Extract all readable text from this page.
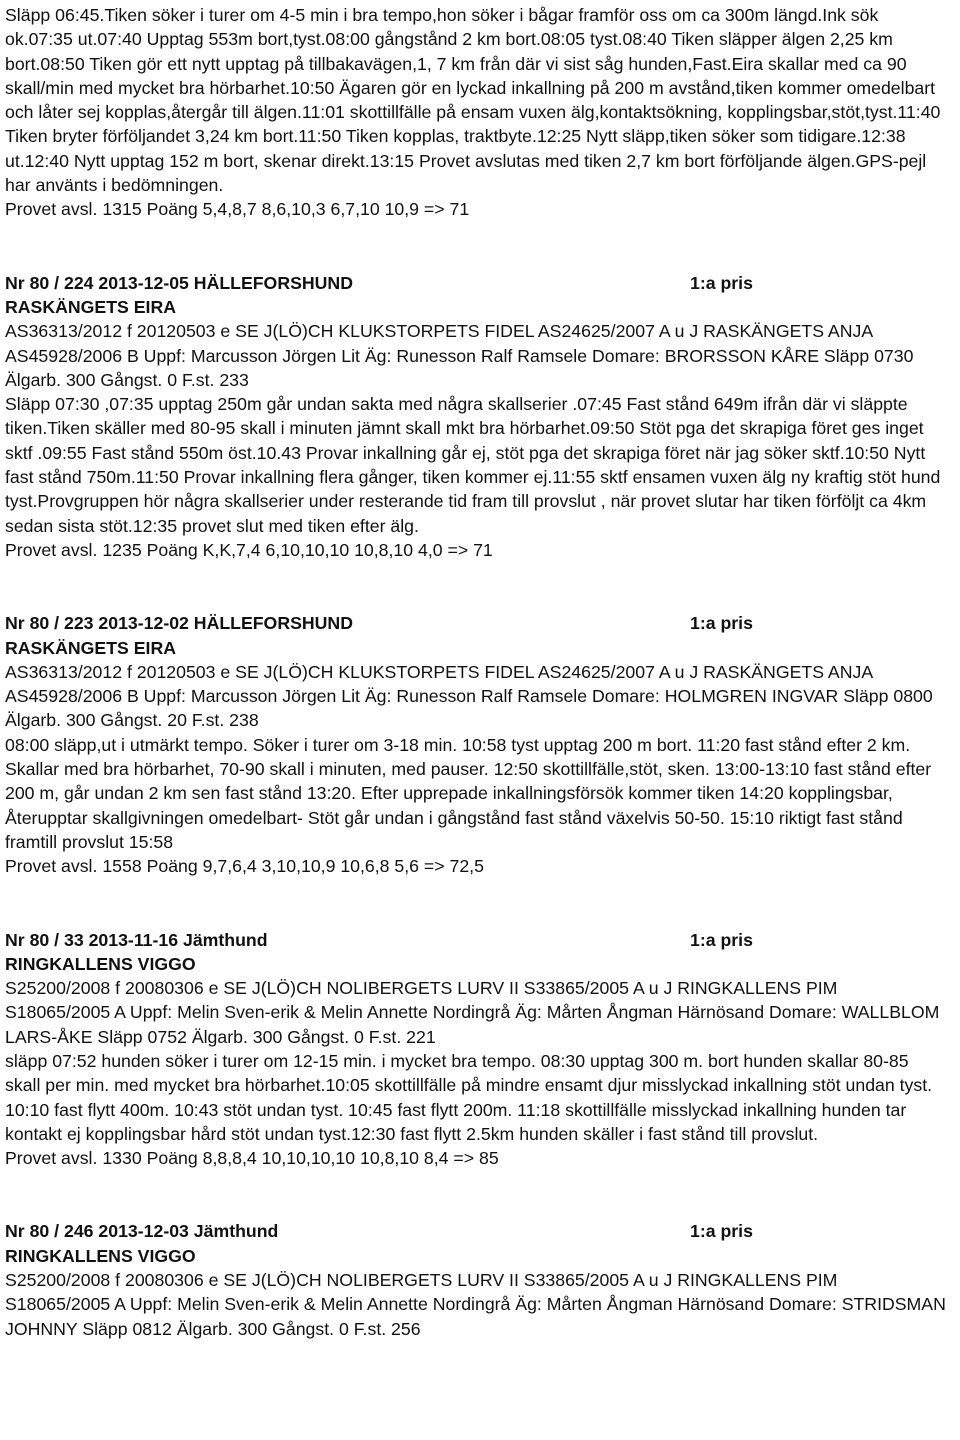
Släpp 06:45.Tiken söker i turer om 4-5 min i bra tempo,hon söker i bågar framför oss om ca 300m längd.Ink sök ok.07:35 ut.07:40 Upptag 553m bort,tyst.08:00 gångstånd 2 km bort.08:05 tyst.08:40 Tiken släpper älgen 2,25 km bort.08:50 Tiken gör ett nytt upptag på tillbakavägen,1, 7 km från där vi sist såg hunden,Fast.Eira skallar med ca 90 skall/min med mycket bra hörbarhet.10:50 Ägaren gör en lyckad inkallning på 200 m avstånd,tiken kommer omedelbart och låter sej kopplas,återgår till älgen.11:01 skottillfälle på ensam vuxen älg,kontaktsökning, kopplingsbar,stöt,tyst.11:40 Tiken bryter förföljandet 3,24 km bort.11:50 Tiken kopplas, traktbyte.12:25 Nytt släpp,tiken söker som tidigare.12:38 ut.12:40 Nytt upptag 152 m bort, skenar direkt.13:15 Provet avslutas med tiken 2,7 km bort förföljande älgen.GPS-pejl har använts i bedömningen.

Provet avsl. 1315 Poäng 5,4,8,7 8,6,10,3 6,7,10 10,9 => 71

Nr 80 / 224 2013-12-05 HÄLLEFORSHUND	1:a pris
RASKÄNGETS EIRA

AS36313/2012 f 20120503 e SE J(LÖ)CH KLUKSTORPETS FIDEL AS24625/2007 A u J RASKÄNGETS ANJA AS45928/2006 B Uppf: Marcusson Jörgen Lit Äg: Runesson Ralf Ramsele Domare: BRORSSON KÅRE Släpp 0730 Älgarb. 300 Gångst. 0 F.st. 233

Släpp 07:30 ,07:35 upptag 250m går undan sakta med några skallserier .07:45 Fast stånd 649m ifrån där vi släppte tiken.Tiken skäller med 80-95 skall i minuten jämnt skall mkt bra hörbarhet.09:50 Stöt pga det skrapiga föret ges inget sktf .09:55 Fast stånd 550m öst.10.43 Provar inkallning går ej, stöt pga det skrapiga föret när jag söker sktf.10:50 Nytt fast stånd 750m.11:50 Provar inkallning flera gånger, tiken kommer ej.11:55 sktf ensamen vuxen älg ny kraftig stöt hund tyst.Provgruppen hör några skallserier under resterande tid fram till provslut , när provet slutar har tiken förföljt ca 4km sedan sista stöt.12:35 provet slut med tiken efter älg.

Provet avsl. 1235 Poäng K,K,7,4 6,10,10,10 10,8,10 4,0 => 71

Nr 80 / 223 2013-12-02 HÄLLEFORSHUND	1:a pris
RASKÄNGETS EIRA

AS36313/2012 f 20120503 e SE J(LÖ)CH KLUKSTORPETS FIDEL AS24625/2007 A u J RASKÄNGETS ANJA AS45928/2006 B Uppf: Marcusson Jörgen Lit Äg: Runesson Ralf Ramsele Domare: HOLMGREN INGVAR Släpp 0800 Älgarb. 300 Gångst. 20 F.st. 238

08:00 släpp,ut i utmärkt tempo. Söker i turer om 3-18 min. 10:58 tyst upptag 200 m bort. 11:20 fast stånd efter 2 km. Skallar med bra hörbarhet, 70-90 skall i minuten, med pauser. 12:50 skottillfälle,stöt, sken. 13:00-13:10 fast stånd efter 200 m, går undan 2 km sen fast stånd 13:20. Efter upprepade inkallningsförsök kommer tiken 14:20 kopplingsbar, Återupptar skallgivningen omedelbart- Stöt går undan i gångstånd fast stånd växelvis 50-50. 15:10 riktigt fast stånd framtill provslut 15:58

Provet avsl. 1558 Poäng 9,7,6,4 3,10,10,9 10,6,8 5,6 => 72,5

Nr 80 / 33 2013-11-16 Jämthund	1:a pris
RINGKALLENS VIGGO

S25200/2008 f 20080306 e SE J(LÖ)CH NOLIBERGETS LURV II S33865/2005 A u J RINGKALLENS PIM S18065/2005 A Uppf: Melin Sven-erik & Melin Annette Nordingrå Äg: Mårten Ångman Härnösand Domare: WALLBLOM LARS-ÅKE Släpp 0752 Älgarb. 300 Gångst. 0 F.st. 221

släpp 07:52 hunden söker i turer om 12-15 min. i mycket bra tempo. 08:30 upptag 300 m. bort hunden skallar 80-85 skall per min. med mycket bra hörbarhet.10:05 skottillfälle på mindre ensamt djur misslyckad inkallning stöt undan tyst. 10:10 fast flytt 400m. 10:43 stöt undan tyst. 10:45 fast flytt 200m. 11:18 skottillfälle misslyckad inkallning hunden tar kontakt ej kopplingsbar hård stöt undan tyst.12:30 fast flytt 2.5km hunden skäller i fast stånd till provslut.

Provet avsl. 1330 Poäng 8,8,8,4 10,10,10,10 10,8,10 8,4 => 85

Nr 80 / 246 2013-12-03 Jämthund	1:a pris
RINGKALLENS VIGGO

S25200/2008 f 20080306 e SE J(LÖ)CH NOLIBERGETS LURV II S33865/2005 A u J RINGKALLENS PIM S18065/2005 A Uppf: Melin Sven-erik & Melin Annette Nordingrå Äg: Mårten Ångman Härnösand Domare: STRIDSMAN JOHNNY Släpp 0812 Älgarb. 300 Gångst. 0 F.st. 256
